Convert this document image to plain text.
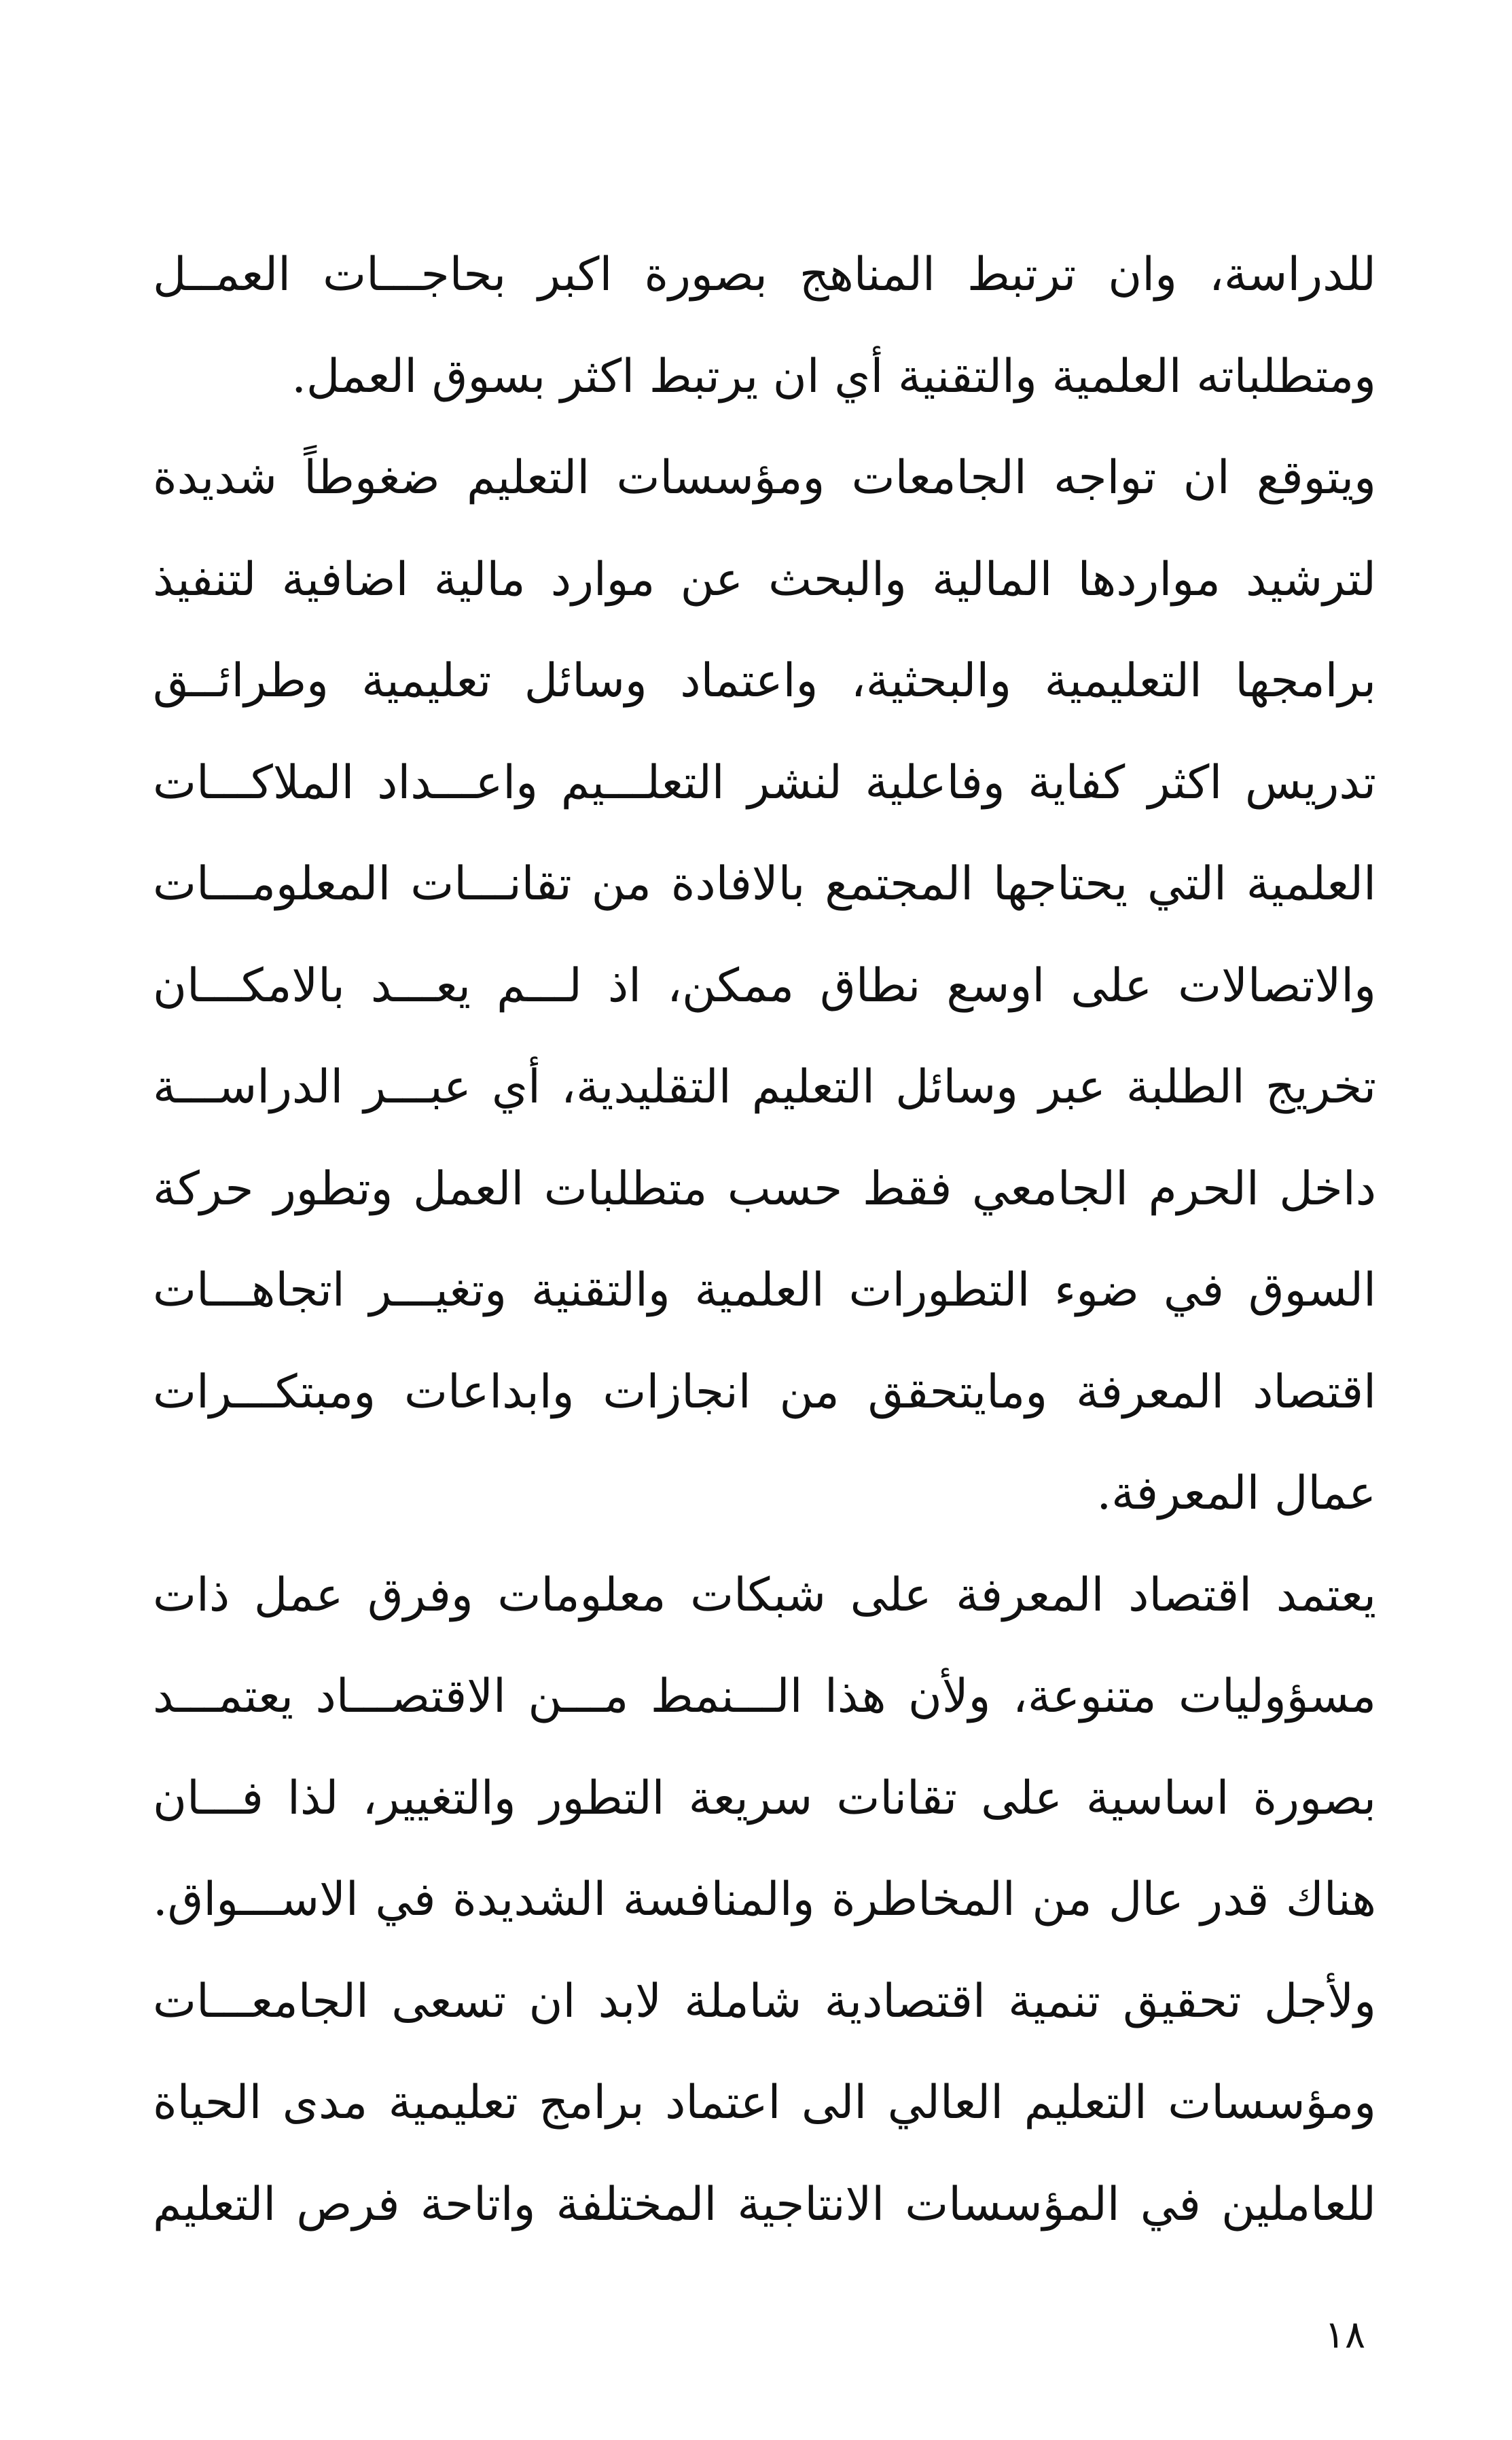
للدراسة، وان ترتبط المناهج بصورة اكبر بحاجـــات العمــل
ومتطلباته العلمية والتقنية أي ان يرتبط اكثر بسوق العمل.
ويتوقع ان تواجه الجامعات ومؤسسات التعليم ضغوطاً شديدة
لترشيد مواردها المالية والبحث عن موارد مالية اضافية لتنفيذ
برامجها التعليمية والبحثية، واعتماد وسائل تعليمية وطرائــق
تدريس اكثر كفاية وفاعلية لنشر التعلـــيم واعـــداد الملاكـــات
العلمية التي يحتاجها المجتمع بالافادة من تقانـــات المعلومـــات
والاتصالات على اوسع نطاق ممكن، اذ لـــم يعـــد بالامكـــان
تخريج الطلبة عبر وسائل التعليم التقليدية، أي عبـــر الدراســـة
داخل الحرم الجامعي فقط حسب متطلبات العمل وتطور حركة
السوق في ضوء التطورات العلمية والتقنية وتغيـــر اتجاهـــات
اقتصاد المعرفة ومايتحقق من انجازات وابداعات ومبتكـــرات
عمال المعرفة.
يعتمد اقتصاد المعرفة على شبكات معلومات وفرق عمل ذات
مسؤوليات متنوعة، ولأن هذا الـــنمط مـــن الاقتصـــاد يعتمـــد
بصورة اساسية على تقانات سريعة التطور والتغيير، لذا فـــان
هناك قدر عال من المخاطرة والمنافسة الشديدة في الاســـواق.
ولأجل تحقيق تنمية اقتصادية شاملة لابد ان تسعى الجامعـــات
ومؤسسات التعليم العالي الى اعتماد برامج تعليمية مدى الحياة
للعاملين في المؤسسات الانتاجية المختلفة واتاحة فرص التعليم
١٨
